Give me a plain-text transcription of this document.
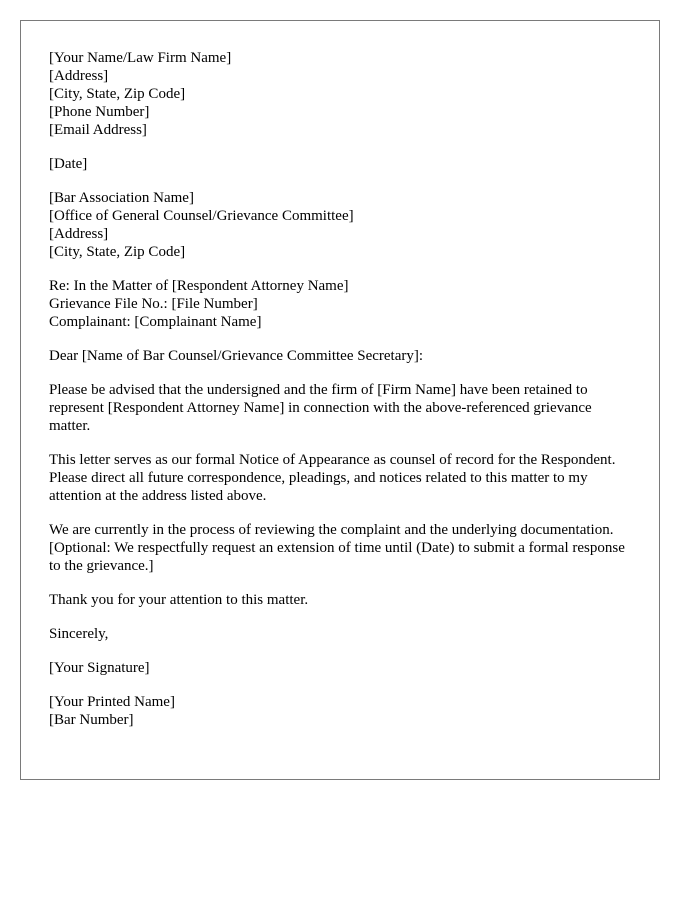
[Your Name/Law Firm Name]
[Address]
[City, State, Zip Code]
[Phone Number]
[Email Address]
[Date]
[Bar Association Name]
[Office of General Counsel/Grievance Committee]
[Address]
[City, State, Zip Code]
Re: In the Matter of [Respondent Attorney Name]
Grievance File No.: [File Number]
Complainant: [Complainant Name]
Dear [Name of Bar Counsel/Grievance Committee Secretary]:

Please be advised that the undersigned and the firm of [Firm Name] have been retained to represent [Respondent Attorney Name] in connection with the above-referenced grievance matter.

This letter serves as our formal Notice of Appearance as counsel of record for the Respondent. Please direct all future correspondence, pleadings, and notices related to this matter to my attention at the address listed above.

We are currently in the process of reviewing the complaint and the underlying documentation. [Optional: We respectfully request an extension of time until (Date) to submit a formal response to the grievance.]

Thank you for your attention to this matter.

Sincerely,
[Your Signature]
[Your Printed Name]
[Bar Number]
